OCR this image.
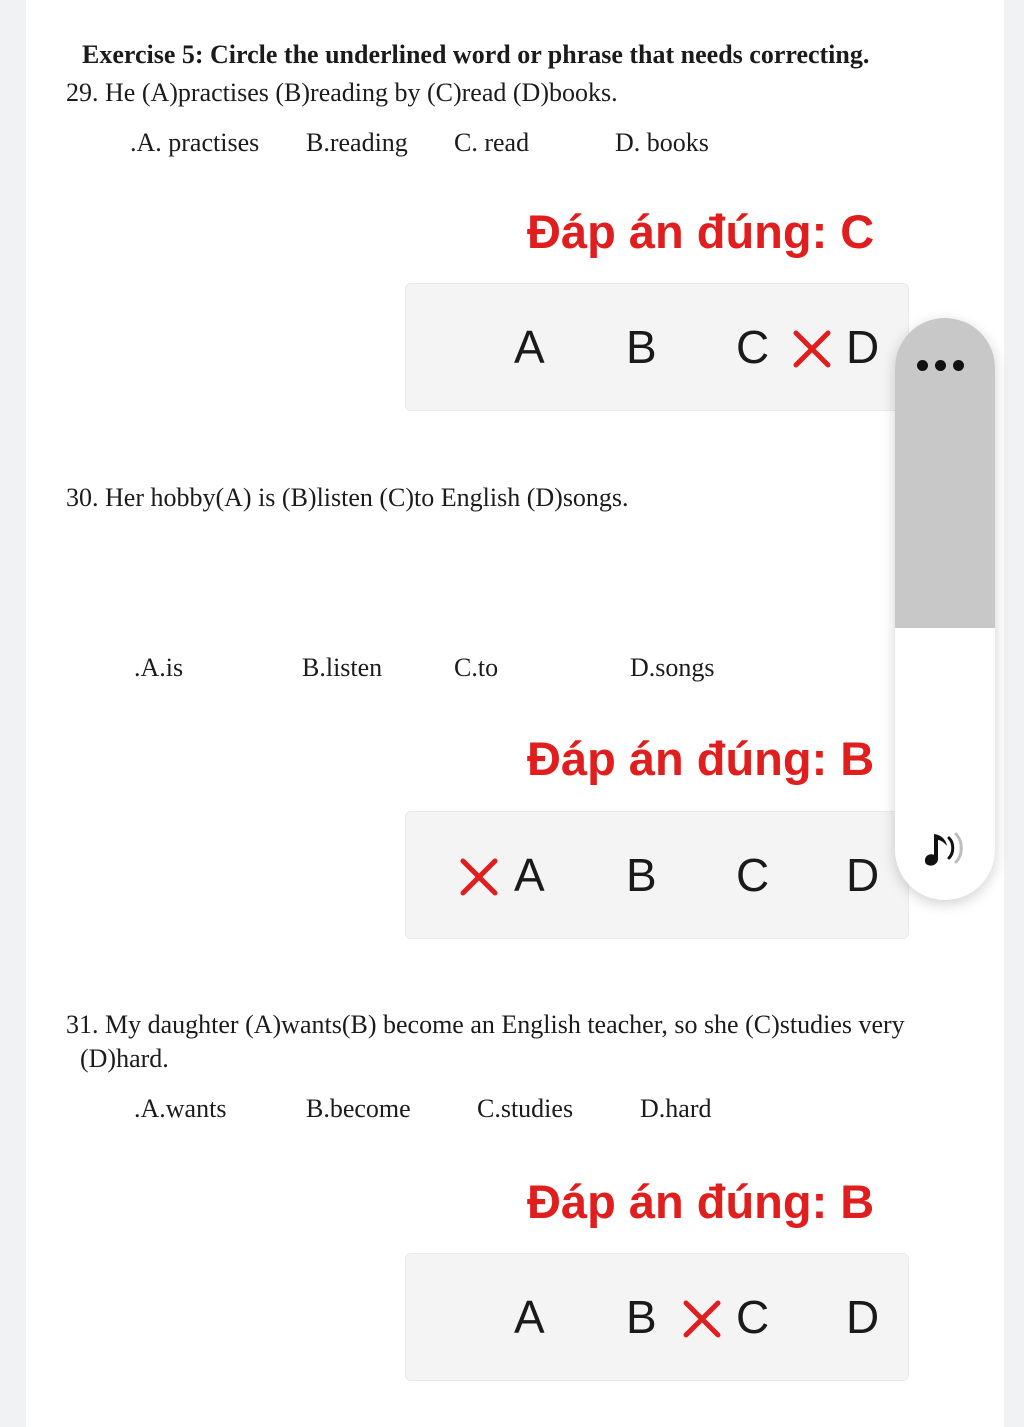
Exercise 5: Circle the underlined word or phrase that needs correcting.
29. He (A)practises (B)reading by (C)read (D)books.
.A. practises B.reading C. read	D. books
Đáp án đúng: C
A B C D
30. Her hobby(A) is (B)listen (C)to English (D)songs.
.A.is	B.listen	C.to	D.songs
Đáp án đúng: B
A B C D
31. My daughter (A)wants(B) become an English teacher, so she (C)studies very
(D)hard.
.A.wants	B.become	C.studies	D.hard
Đáp án đúng: B
A B C D
